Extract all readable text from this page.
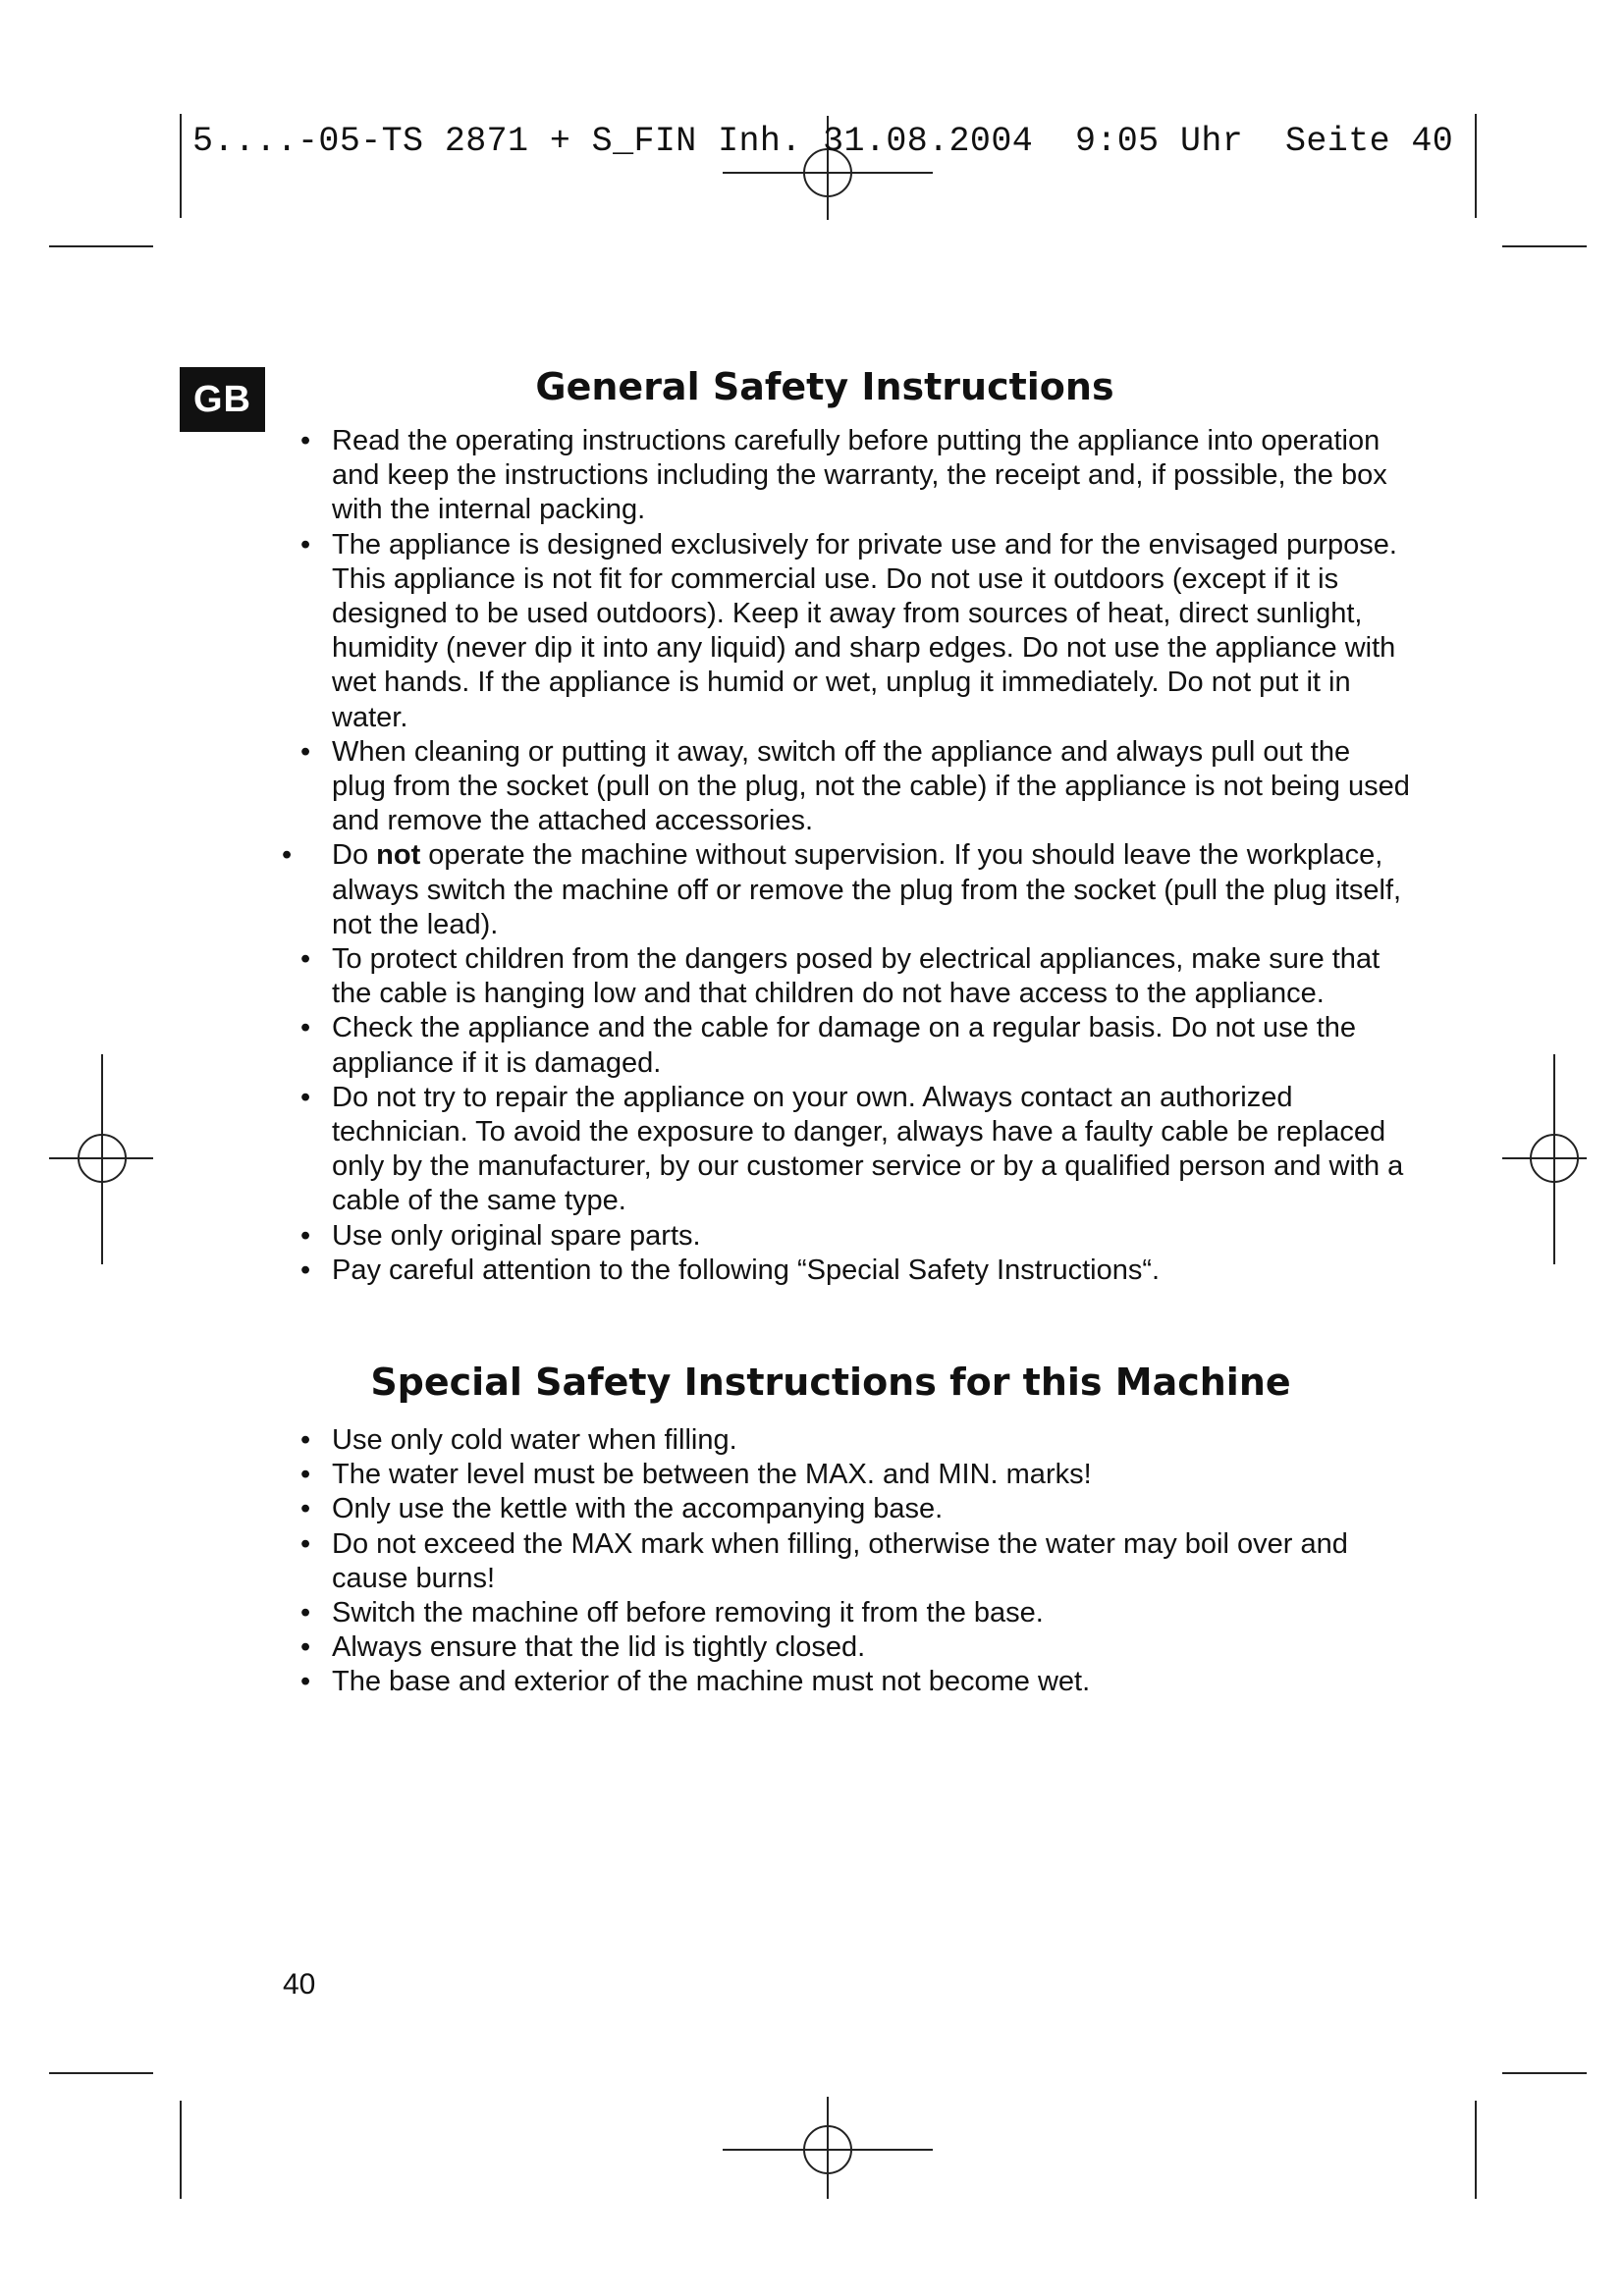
5....-05-TS 2871 + S_FIN Inh. 31.08.2004  9:05 Uhr  Seite 40
GB	General Safety Instructions
• Read the operating instructions carefully before putting the appliance into operation and keep the instructions including the warranty, the receipt and, if possible, the box with the internal packing.
• The appliance is designed exclusively for private use and for the envisaged purpose. This appliance is not fit for commercial use. Do not use it outdoors (except if it is designed to be used outdoors). Keep it away from sources of heat, direct sunlight, humidity (never dip it into any liquid) and sharp edges. Do not use the appliance with wet hands. If the appliance is humid or wet, unplug it immediately. Do not put it in water.
• When cleaning or putting it away, switch off the appliance and always pull out the plug from the socket (pull on the plug, not the cable) if the appliance is not being used and remove the attached accessories.
• Do not operate the machine without supervision. If you should leave the workplace, always switch the machine off or remove the plug from the socket (pull the plug itself, not the lead).
• To protect children from the dangers posed by electrical appliances, make sure that the cable is hanging low and that children do not have access to the appliance.
• Check the appliance and the cable for damage on a regular basis. Do not use the appliance if it is damaged.
• Do not try to repair the appliance on your own. Always contact an authorized technician. To avoid the exposure to danger, always have a faulty cable be replaced only by the manufacturer, by our customer service or by a qualified person and with a cable of the same type.
• Use only original spare parts.
• Pay careful attention to the following “Special Safety Instructions“.
Special Safety Instructions for this Machine
• Use only cold water when filling.
• The water level must be between the MAX. and MIN. marks!
• Only use the kettle with the accompanying base.
• Do not exceed the MAX mark when filling, otherwise the water may boil over and cause burns!
• Switch the machine off before removing it from the base.
• Always ensure that the lid is tightly closed.
• The base and exterior of the machine must not become wet.
40
